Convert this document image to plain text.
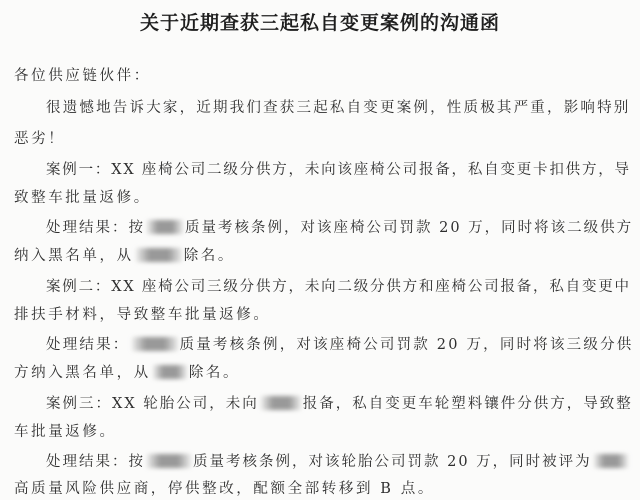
关于近期查获三起私自变更案例的沟通函
各位供应链伙伴：
很遗憾地告诉大家，近期我们查获三起私自变更案例，性质极其严重，影响特别
恶劣！
案例一：XX 座椅公司二级分供方，未向该座椅公司报备，私自变更卡扣供方，导
致整车批量返修。
处理结果：按	质量考核条例，对该座椅公司罚款 20 万，同时将该二级供方
纳入黑名单，从	除名。
案例二：XX 座椅公司三级分供方，未向二级分供方和座椅公司报备，私自变更中
排扶手材料，导致整车批量返修。
处理结果：	质量考核条例，对该座椅公司罚款 20 万，同时将该三级分供
方纳入黑名单，从	除名。
案例三：XX 轮胎公司，未向	报备，私自变更车轮塑料镶件分供方，导致整
车批量返修。
处理结果：按	质量考核条例，对该轮胎公司罚款 20 万，同时被评为
高质量风险供应商，停供整改，配额全部转移到 B 点。
